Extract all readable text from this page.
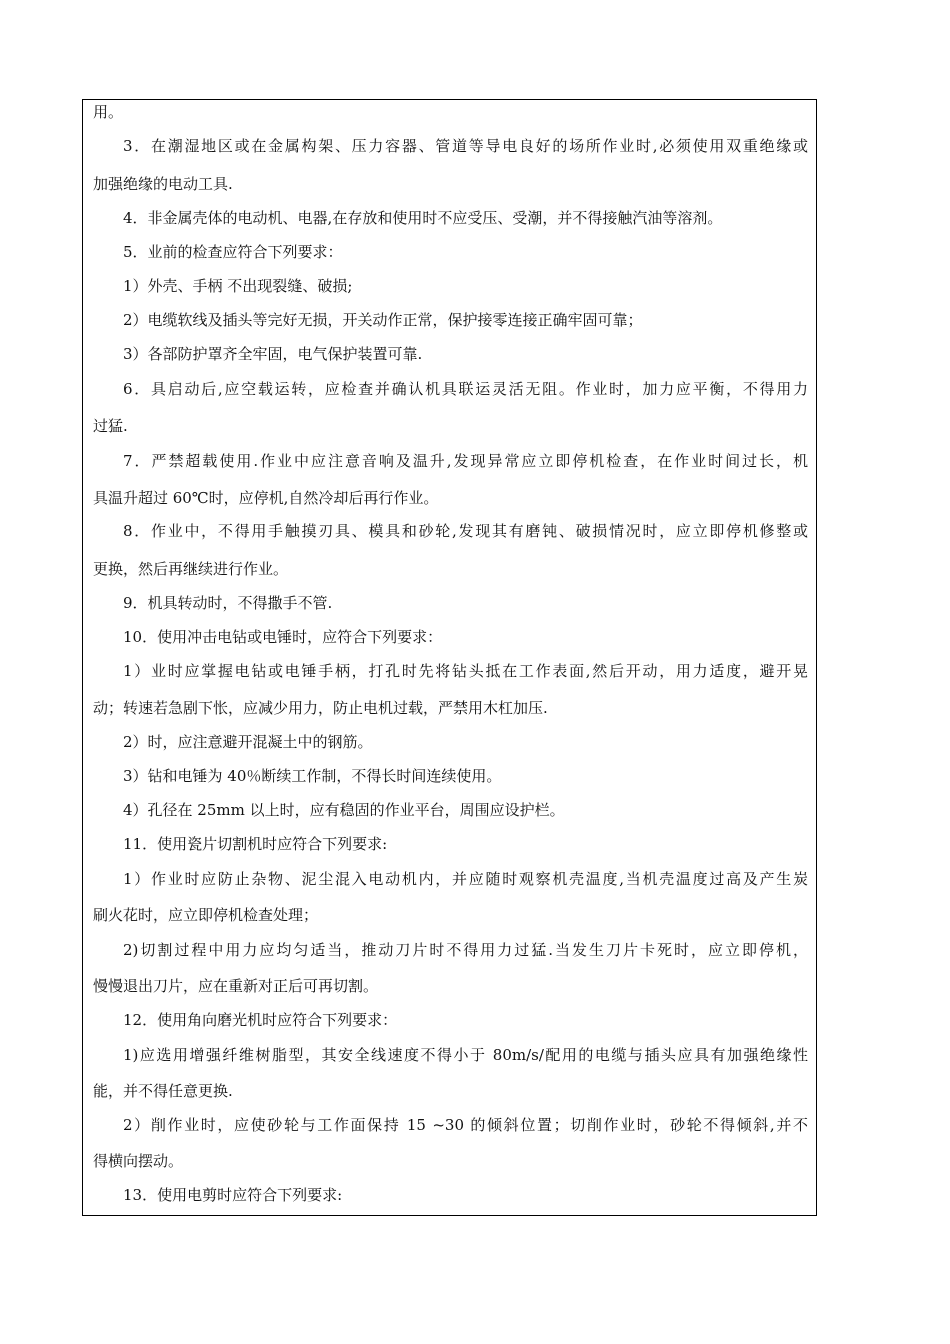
用。
3．在潮湿地区或在金属构架、压力容器、管道等导电良好的场所作业时,必须使用双重绝缘或
加强绝缘的电动工具.
4．非金属壳体的电动机、电器,在存放和使用时不应受压、受潮，并不得接触汽油等溶剂。
5．业前的检查应符合下列要求：
1）外壳、手柄 不出现裂缝、破损;
2）电缆软线及插头等完好无损，开关动作正常，保护接零连接正确牢固可靠；
3）各部防护罩齐全牢固，电气保护装置可靠.
6．具启动后,应空载运转，应检查并确认机具联运灵活无阻。作业时，加力应平衡，不得用力
过猛.
7．严禁超载使用.作业中应注意音响及温升,发现异常应立即停机检查，在作业时间过长，机
具温升超过 60℃时，应停机,自然冷却后再行作业。
8．作业中，不得用手触摸刃具、模具和砂轮,发现其有磨钝、破损情况时，应立即停机修整或
更换，然后再继续进行作业。
9．机具转动时，不得撒手不管.
10．使用冲击电钻或电锤时，应符合下列要求：
1）业时应掌握电钻或电锤手柄，打孔时先将钻头抵在工作表面,然后开动，用力适度，避开晃
动；转速若急剧下怅，应减少用力，防止电机过载，严禁用木杠加压.
2）时，应注意避开混凝土中的钢筋。
3）钻和电锤为 40％断续工作制，不得长时间连续使用。
4）孔径在 25mm 以上时，应有稳固的作业平台，周围应设护栏。
11．使用瓷片切割机时应符合下列要求:
1）作业时应防止杂物、泥尘混入电动机内，并应随时观察机壳温度,当机壳温度过高及产生炭
刷火花时，应立即停机检查处理；
2)切割过程中用力应均匀适当，推动刀片时不得用力过猛.当发生刀片卡死时，应立即停机，
慢慢退出刀片，应在重新对正后可再切割。
12．使用角向磨光机时应符合下列要求：
1)应选用增强纤维树脂型，其安全线速度不得小于 80m/s/配用的电缆与插头应具有加强绝缘性
能，并不得任意更换.
2）削作业时，应使砂轮与工作面保持 15 ~30 的倾斜位置；切削作业时，砂轮不得倾斜,并不
得横向摆动。
13．使用电剪时应符合下列要求:
